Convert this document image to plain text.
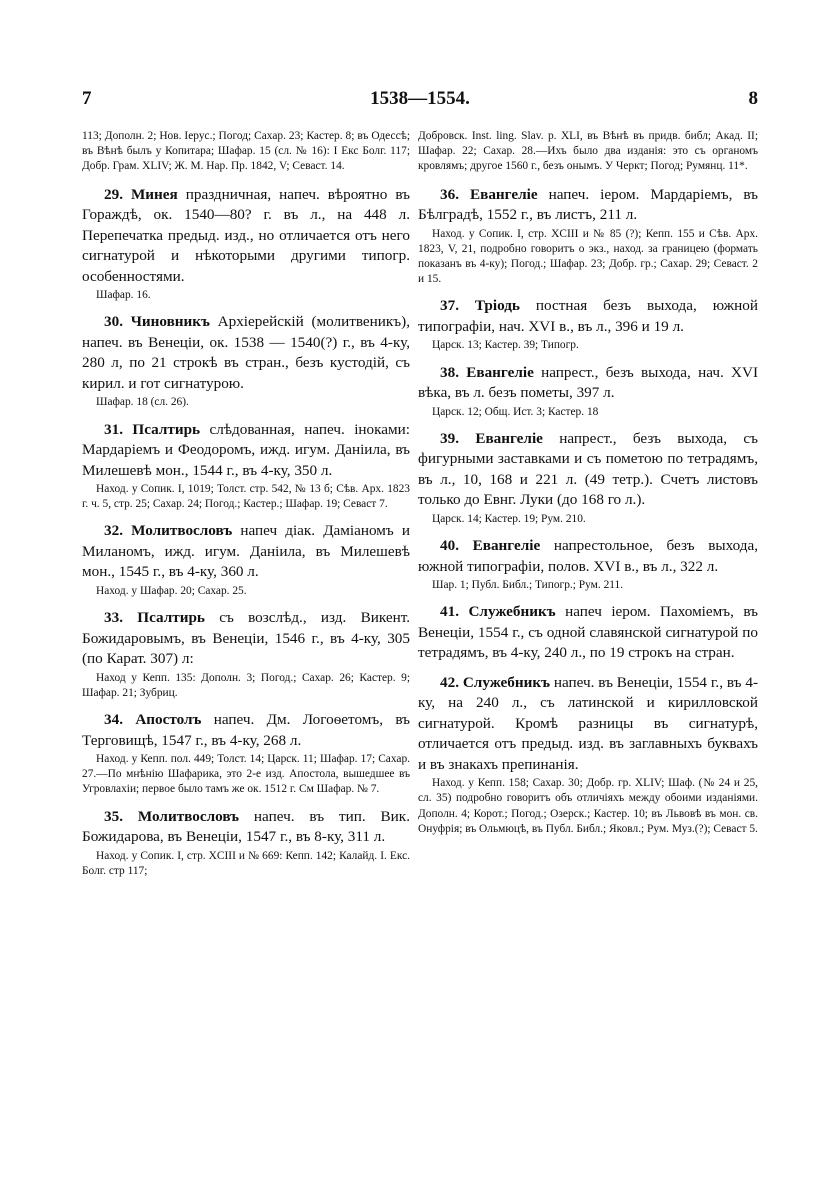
7	1538—1554.	8

113; Дополн. 2; Нов. Iерус.; Погод; Сахар. 23; Кастер. 8; въ Одессѣ; въ Вѣнѣ былъ у Копитара; Шафар. 15 (сл. № 16): I Екс Болг. 117; Добр. Грам. XLIV; Ж. М. Нар. Пр. 1842, V; Севаст. 14.

29. Минея праздничная, напеч. вѣроятно въ Гораждѣ, ок. 1540—80? г. въ л., на 448 л. Перепечатка предыд. изд., но отличается отъ него сигнатурой и нѣкоторыми другими типогр. особенностями.

Шафар. 16.

30. Чиновникъ Архiерейскiй (молитвеникъ), напеч. въ Венецiи, ок. 1538 — 1540(?) г., въ 4-ку, 280 л, по 21 строкѣ въ стран., безъ кустодiй, съ кирил. и гот сигнатурою.

Шафар. 18 (сл. 26).

31. Псалтирь слѣдованная, напеч. iноками: Мардарiемъ и Феодоромъ, ижд. игум. Данiила, въ Милешевѣ мон., 1544 г., въ 4-ку, 350 л.

Наход. у Сопик. I, 1019; Толст. стр. 542, № 13 б; Сѣв. Арх. 1823 г. ч. 5, стр. 25; Сахар. 24; Погод.; Кастер.; Шафар. 19; Севаст 7.

32. Молитвословъ напеч дiак. Дамiаномъ и Миланомъ, ижд. игум. Данiила, въ Милешевѣ мон., 1545 г., въ 4-ку, 360 л.

Наход. у Шафар. 20; Сахар. 25.

33. Псалтирь съ возслѣд., изд. Викент. Божидаровымъ, въ Венецiи, 1546 г., въ 4-ку, 305 (по Карат. 307) л:

Наход у Кепп. 135: Дополн. 3; Погод.; Сахар. 26; Кастер. 9; Шафар. 21; Зубриц.

34. Апостолъ напеч. Дм. Логоѳетомъ, въ Терговищѣ, 1547 г., въ 4-ку, 268 л.

Наход. у Кепп. пол. 449; Толст. 14; Царск. 11; Шафар. 17; Сахар. 27.—По мнѣнiю Шафарика, это 2-е изд. Апостола, вышедшее въ Угровлахiи; первое было тамъ же ок. 1512 г. См Шафар. № 7.

35. Молитвословъ напеч. въ тип. Вик. Божидарова, въ Венецiи, 1547 г., въ 8-ку, 311 л.

Наход. у Сопик. I, стр. XCIII и № 669: Кепп. 142; Калайд. I. Екс. Болг. стр 117;

Добровск. Inst. ling. Slav. p. XLI, въ Вѣнѣ въ придв. библ; Акад. II; Шафар. 22; Сахар. 28.—Ихъ было два изданiя: это съ органомъ кровлямъ; другое 1560 г., безъ онымъ. У Черкт; Погод; Румянц. 11*.

36. Евангелiе напеч. iером. Мардарiемъ, въ Бѣлградѣ, 1552 г., въ листъ, 211 л.

Наход. у Сопик. I, стр. XCIII и № 85 (?); Кепп. 155 и Сѣв. Арх. 1823, V, 21, подробно говоритъ о экз., наход. за границею (формать показанъ въ 4-ку); Погод.; Шафар. 23; Добр. гр.; Сахар. 29; Севаст. 2 и 15.

37. Трiодь постная безъ выхода, южной типографiи, нач. XVI в., въ л., 396 и 19 л.

Царск. 13; Кастер. 39; Типогр.

38. Евангелiе напрест., безъ выхода, нач. XVI вѣка, въ л. безъ пометы, 397 л.

Царск. 12; Общ. Ист. 3; Кастер. 18

39. Евангелiе напрест., безъ выхода, съ фигурными заставками и съ пометою по тетрадямъ, въ л., 10, 168 и 221 л. (49 тетр.). Счетъ листовъ только до Евнг. Луки (до 168 го л.).

Царск. 14; Кастер. 19; Рум. 210.

40. Евангелiе напрестольное, безъ выхода, южной типографiи, полов. XVI в., въ л., 322 л.

Шар. 1; Публ. Библ.; Типогр.; Рум. 211.

41. Служебникъ напеч iером. Пахомiемъ, въ Венецiи, 1554 г., съ одной славянской сигнатурой по тетрадямъ, въ 4-ку, 240 л., по 19 строкъ на стран.

42. Служебникъ напеч. въ Венецiи, 1554 г., въ 4-ку, на 240 л., съ латинской и кирилловской сигнатурой. Кромѣ разницы въ сигнатурѣ, отличается отъ предыд. изд. въ заглавныхъ буквахъ и въ знакахъ препинанiя.

Наход. у Кепп. 158; Сахар. 30; Добр. гр. XLIV; Шаф. (№ 24 и 25, сл. 35) подробно говоритъ объ отличiяхъ между обоими изданiями. Дополн. 4; Корот.; Погод.; Озерск.; Кастер. 10; въ Львовѣ въ мон. св. Онуфрiя; въ Ольмюцѣ, въ Публ. Библ.; Яковл.; Рум. Муз.(?); Севаст 5.
